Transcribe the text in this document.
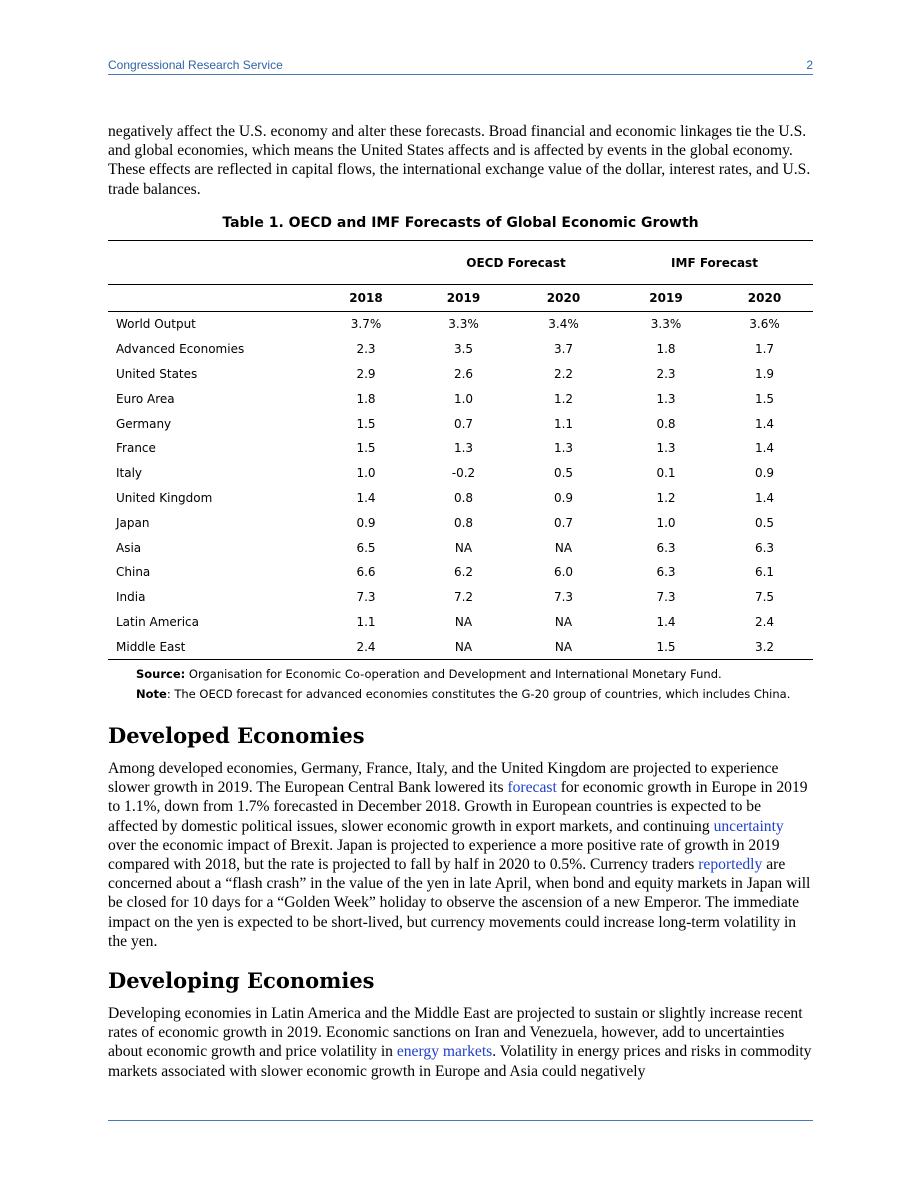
Congressional Research Service	2

negatively affect the U.S. economy and alter these forecasts. Broad financial and economic linkages tie the U.S. and global economies, which means the United States affects and is affected by events in the global economy. These effects are reflected in capital flows, the international exchange value of the dollar, interest rates, and U.S. trade balances.

Table 1. OECD and IMF Forecasts of Global Economic Growth
	OECD Forecast			IMF Forecast	
	2018	2019	2020	2019	2020
World Output	3.7%	3.3%	3.4%	3.3%	3.6%
Advanced Economies	2.3	3.5	3.7	1.8	1.7
United States	2.9	2.6	2.2	2.3	1.9
Euro Area	1.8	1.0	1.2	1.3	1.5
Germany	1.5	0.7	1.1	0.8	1.4
France	1.5	1.3	1.3	1.3	1.4
Italy	1.0	-0.2	0.5	0.1	0.9
United Kingdom	1.4	0.8	0.9	1.2	1.4
Japan	0.9	0.8	0.7	1.0	0.5
Asia	6.5	NA	NA	6.3	6.3
China	6.6	6.2	6.0	6.3	6.1
India	7.3	7.2	7.3	7.3	7.5
Latin America	1.1	NA	NA	1.4	2.4
Middle East	2.4	NA	NA	1.5	3.2
Source: Organisation for Economic Co-operation and Development and International Monetary Fund.
Note: The OECD forecast for advanced economies constitutes the G-20 group of countries, which includes China.
Developed Economies

Among developed economies, Germany, France, Italy, and the United Kingdom are projected to experience slower growth in 2019. The European Central Bank lowered its forecast for economic growth in Europe in 2019 to 1.1%, down from 1.7% forecasted in December 2018. Growth in European countries is expected to be affected by domestic political issues, slower economic growth in export markets, and continuing uncertainty over the economic impact of Brexit. Japan is projected to experience a more positive rate of growth in 2019 compared with 2018, but the rate is projected to fall by half in 2020 to 0.5%. Currency traders reportedly are concerned about a “flash crash” in the value of the yen in late April, when bond and equity markets in Japan will be closed for 10 days for a “Golden Week” holiday to observe the ascension of a new Emperor. The immediate impact on the yen is expected to be short-lived, but currency movements could increase long-term volatility in the yen.

Developing Economies

Developing economies in Latin America and the Middle East are projected to sustain or slightly increase recent rates of economic growth in 2019. Economic sanctions on Iran and Venezuela, however, add to uncertainties about economic growth and price volatility in energy markets. Volatility in energy prices and risks in commodity markets associated with slower economic growth in Europe and Asia could negatively
